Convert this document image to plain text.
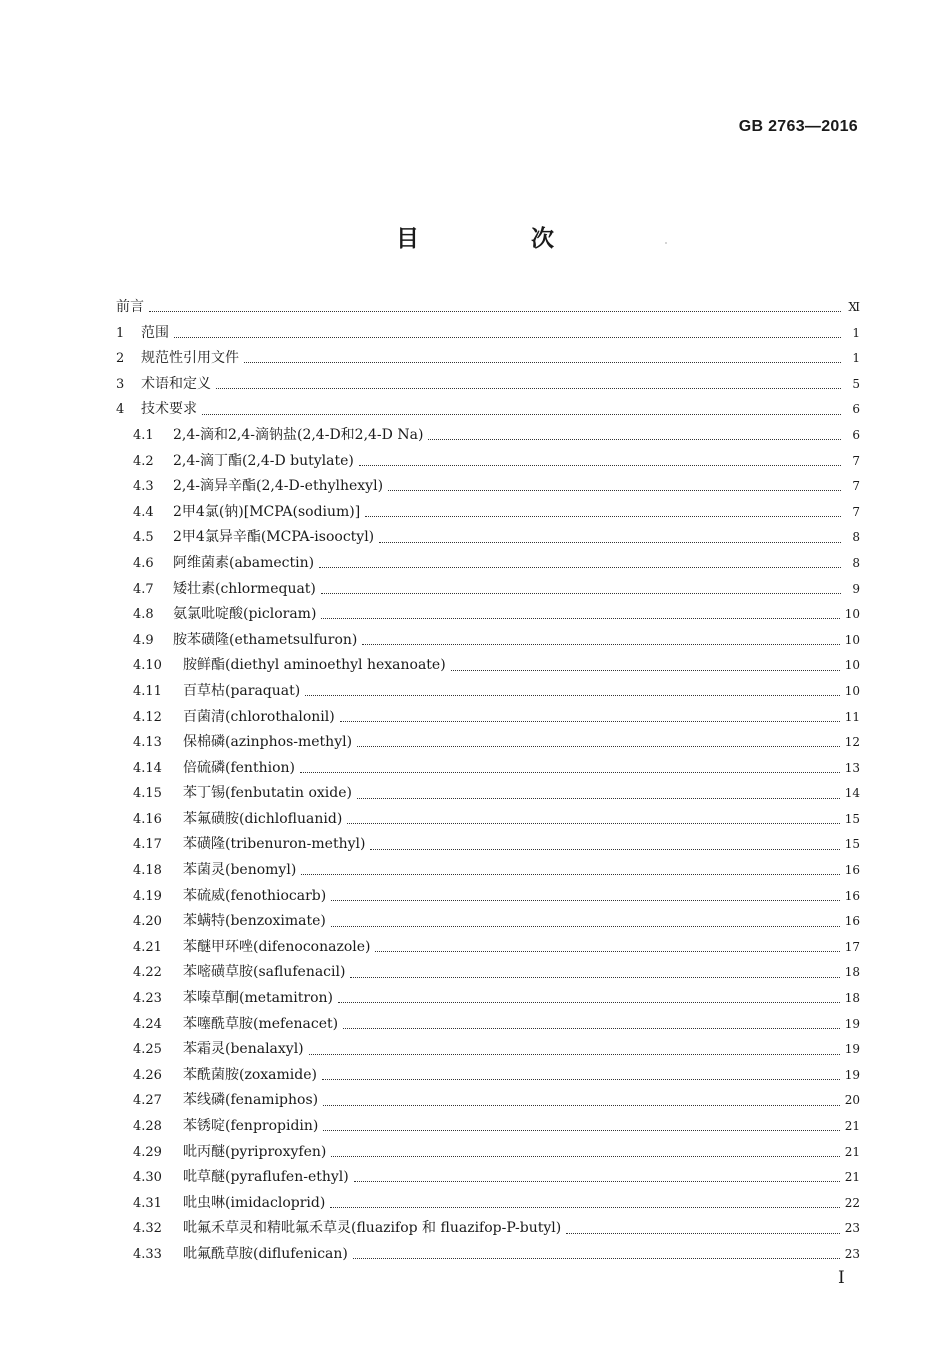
GB 2763—2016
目 次
前言	Ⅺ
1	范围	1
2	规范性引用文件	1
3	术语和定义	5
4	技术要求	6
4.1	2,4-滴和2,4-滴钠盐(2,4-D和2,4-D Na)	6
4.2	2,4-滴丁酯(2,4-D butylate)	7
4.3	2,4-滴异辛酯(2,4-D-ethylhexyl)	7
4.4	2甲4氯(钠)[MCPA(sodium)]	7
4.5	2甲4氯异辛酯(MCPA-isooctyl)	8
4.6	阿维菌素(abamectin)	8
4.7	矮壮素(chlormequat)	9
4.8	氨氯吡啶酸(picloram)	10
4.9	胺苯磺隆(ethametsulfuron)	10
4.10	胺鲜酯(diethyl aminoethyl hexanoate)	10
4.11	百草枯(paraquat)	10
4.12	百菌清(chlorothalonil)	11
4.13	保棉磷(azinphos-methyl)	12
4.14	倍硫磷(fenthion)	13
4.15	苯丁锡(fenbutatin oxide)	14
4.16	苯氟磺胺(dichlofluanid)	15
4.17	苯磺隆(tribenuron-methyl)	15
4.18	苯菌灵(benomyl)	16
4.19	苯硫威(fenothiocarb)	16
4.20	苯螨特(benzoximate)	16
4.21	苯醚甲环唑(difenoconazole)	17
4.22	苯嘧磺草胺(saflufenacil)	18
4.23	苯嗪草酮(metamitron)	18
4.24	苯噻酰草胺(mefenacet)	19
4.25	苯霜灵(benalaxyl)	19
4.26	苯酰菌胺(zoxamide)	19
4.27	苯线磷(fenamiphos)	20
4.28	苯锈啶(fenpropidin)	21
4.29	吡丙醚(pyriproxyfen)	21
4.30	吡草醚(pyraflufen-ethyl)	21
4.31	吡虫啉(imidacloprid)	22
4.32	吡氟禾草灵和精吡氟禾草灵(fluazifop 和 fluazifop-P-butyl)	23
4.33	吡氟酰草胺(diflufenican)	23
Ⅰ
